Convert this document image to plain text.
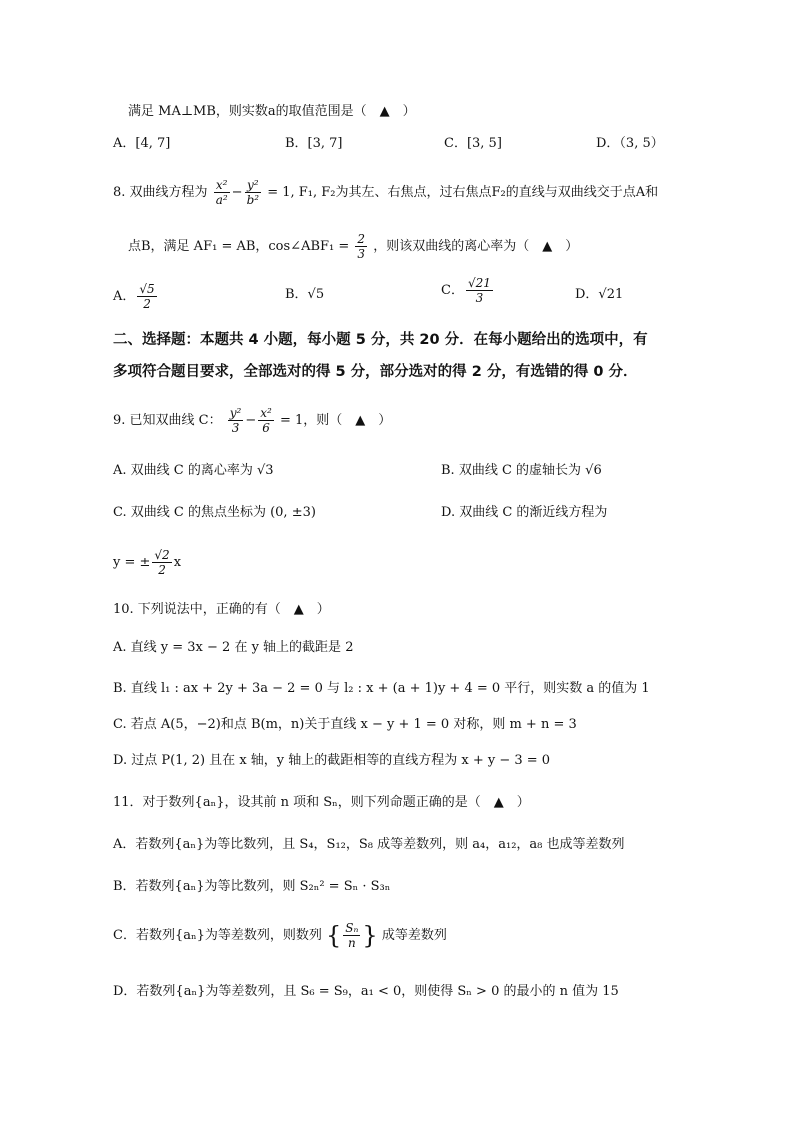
满足 MA⊥MB，则实数a的取值范围是（　▲　）
A．[4, 7]	B．[3, 7]	C．[3, 5]	D．（3, 5）
8. 双曲线方程为 $\frac{\text{x²}}{\text{a²}} - \frac{\text{y²}}{\text{b²}} = 1$, F₁, F₂为其左、右焦点，过右焦点F₂的直线与双曲线交于点A和
点B，满足 AF₁ = AB，cos∠ABF₁ = $\frac{2}{3}$ ，则该双曲线的离心率为（　▲　）
A． $\frac{√5}{2}$	B．√5	C． $\frac{√21}{3}$	D．√21
二、选择题：本题共 4 小题，每小题 5 分，共 20 分．在每小题给出的选项中，有
多项符合题目要求，全部选对的得 5 分，部分选对的得 2 分，有选错的得 0 分．
9. 已知双曲线 C： $\frac{\text{y²}}{3} - \frac{\text{x²}}{6} = 1$，则（　▲　）
A. 双曲线 C 的离心率为 √3	B. 双曲线 C 的虚轴长为 √6
C. 双曲线 C 的焦点坐标为 (0, ±3)	D. 双曲线 C 的渐近线方程为
y = ± $\frac{√2}{2}$ x
10. 下列说法中，正确的有（　▲　）
A. 直线 y = 3x − 2 在 y 轴上的截距是 2
B. 直线 l₁ : ax + 2y + 3a − 2 = 0 与 l₂ : x + (a + 1)y + 4 = 0 平行，则实数 a 的值为 1
C. 若点 A(5，−2)和点 B(m，n)关于直线 x − y + 1 = 0 对称，则 m + n = 3
D. 过点 P(1, 2) 且在 x 轴，y 轴上的截距相等的直线方程为 x + y − 3 = 0
11．对于数列{aₙ}，设其前 n 项和 Sₙ，则下列命题正确的是（　▲　）
A．若数列{aₙ}为等比数列，且 S₄，S₁₂，S₈ 成等差数列，则 a₄，a₁₂，a₈ 也成等差数列
B．若数列{aₙ}为等比数列，则 S₂ₙ² = Sₙ · S₃ₙ
C．若数列{aₙ}为等差数列，则数列 { $\frac{\text{Sₙ}}{n}$ } 成等差数列
D．若数列{aₙ}为等差数列，且 S₆ = S₉，a₁ < 0，则使得 Sₙ > 0 的最小的 n 值为 15
